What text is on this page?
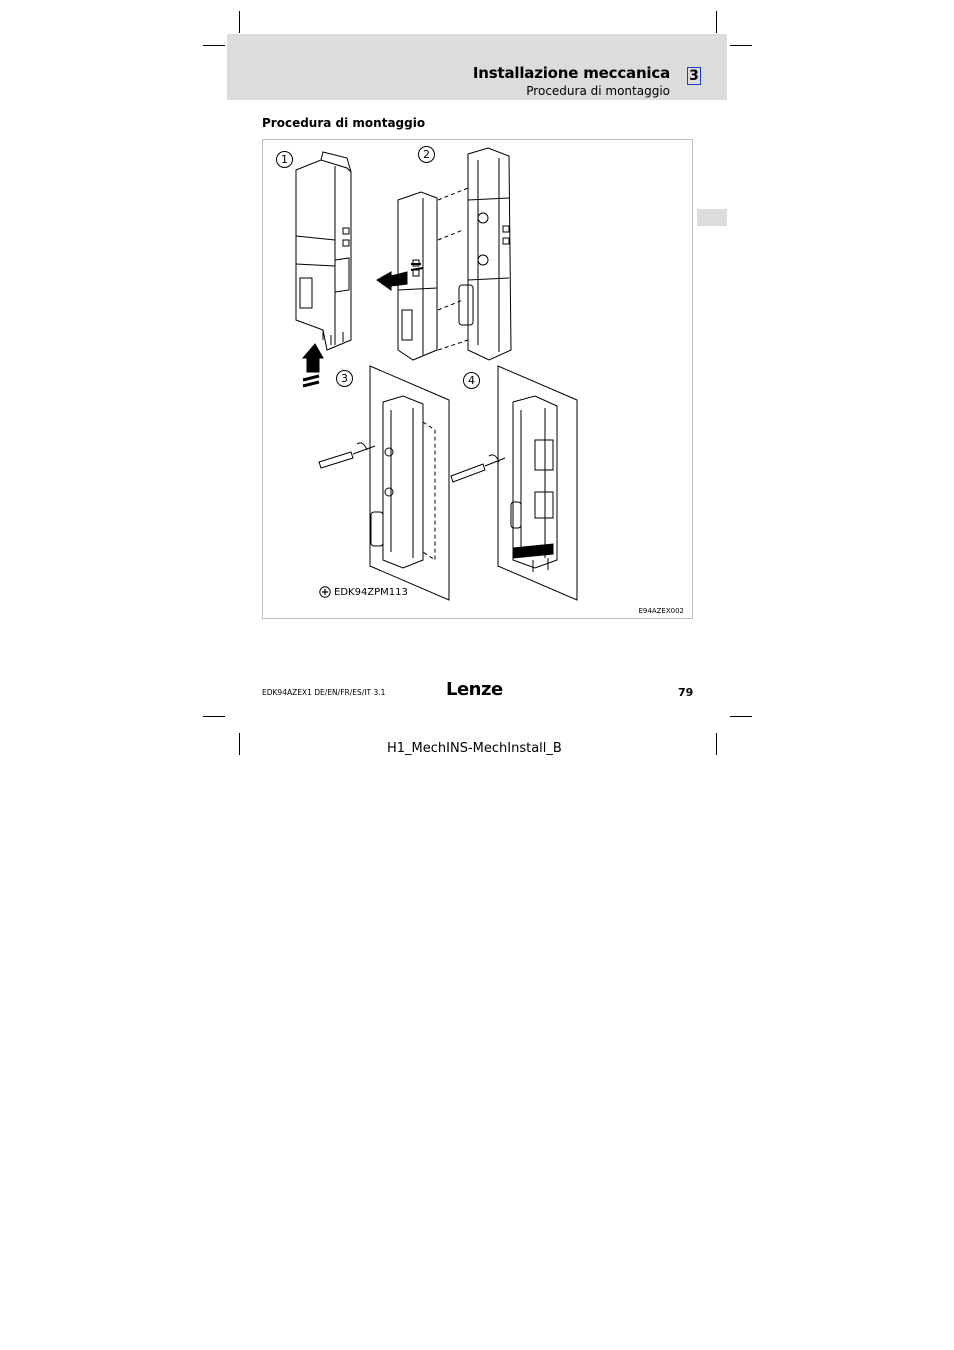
Installazione meccanica
Procedura di montaggio
3
Procedura di montaggio
1	2
3	4
EDK94ZPM113
E94AZEX002
EDK94AZEX1 DE/EN/FR/ES/IT 3.1	Lenze	79
H1_MechINS-MechInstall_B
